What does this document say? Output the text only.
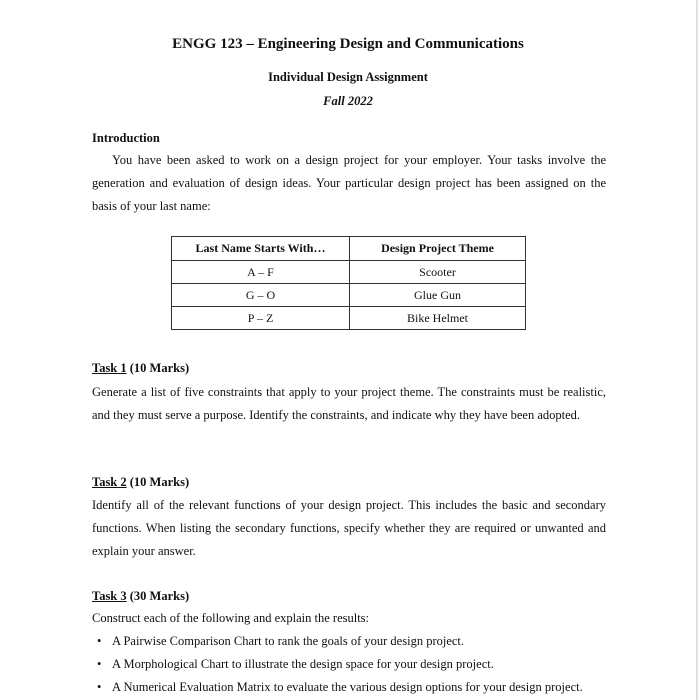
ENGG 123 – Engineering Design and Communications
Individual Design Assignment
Fall 2022
Introduction
You have been asked to work on a design project for your employer. Your tasks involve the generation and evaluation of design ideas. Your particular design project has been assigned on the basis of your last name:
Last Name Starts With…	Design Project Theme
A – F	Scooter
G – O	Glue Gun
P – Z	Bike Helmet
Task 1 (10 Marks)
Generate a list of five constraints that apply to your project theme. The constraints must be realistic, and they must serve a purpose. Identify the constraints, and indicate why they have been adopted.
Task 2 (10 Marks)
Identify all of the relevant functions of your design project. This includes the basic and secondary functions. When listing the secondary functions, specify whether they are required or unwanted and explain your answer.
Task 3 (30 Marks)
Construct each of the following and explain the results:
• A Pairwise Comparison Chart to rank the goals of your design project.
• A Morphological Chart to illustrate the design space for your design project.
• A Numerical Evaluation Matrix to evaluate the various design options for your design project.
